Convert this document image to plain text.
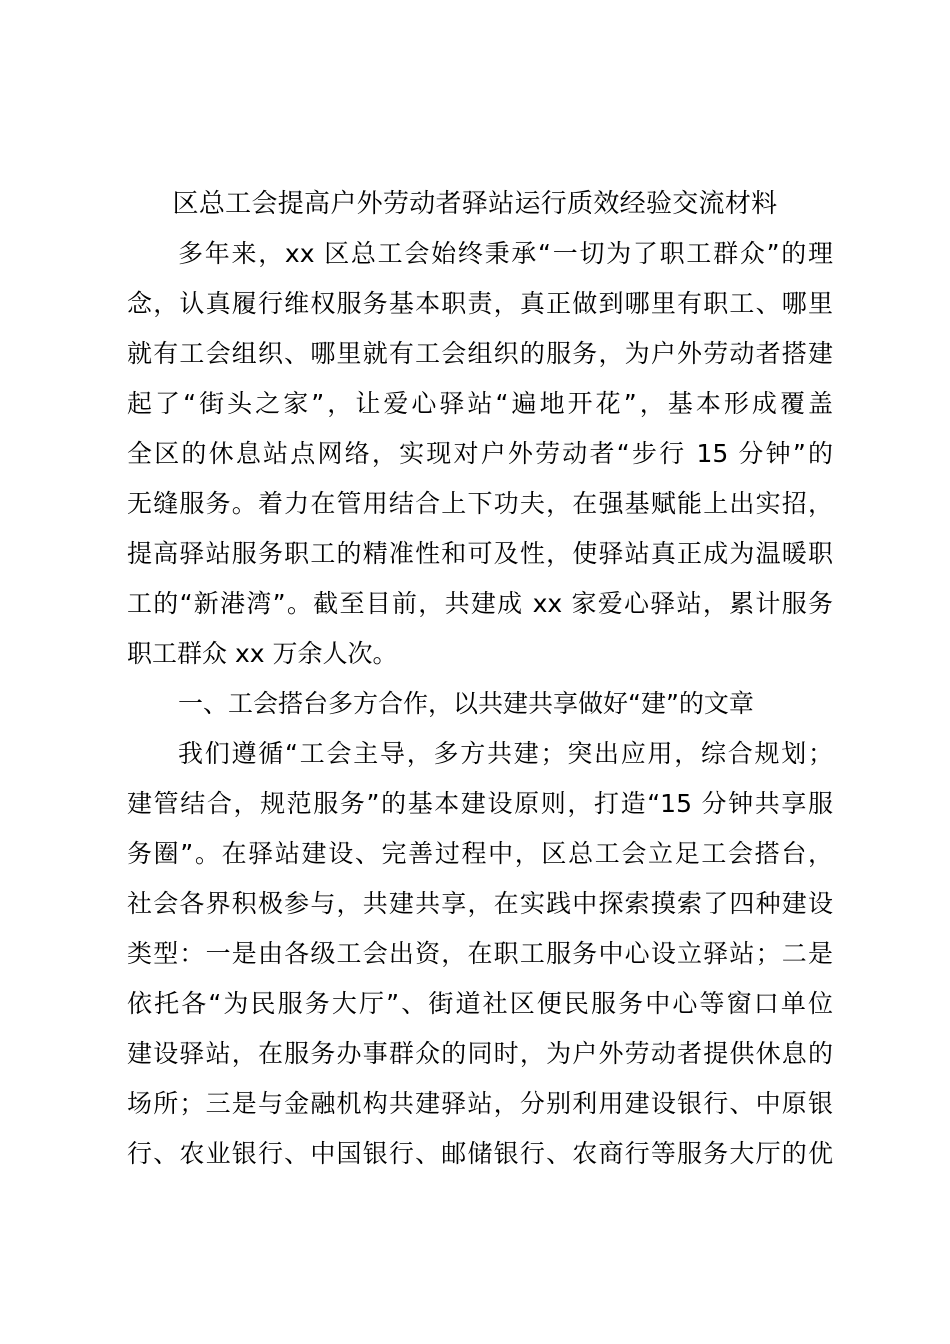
区总工会提高户外劳动者驿站运行质效经验交流材料
多年来，xx 区总工会始终秉承“一切为了职工群众”的理
念，认真履行维权服务基本职责，真正做到哪里有职工、哪里
就有工会组织、哪里就有工会组织的服务，为户外劳动者搭建
起了“街头之家”，让爱心驿站“遍地开花”，基本形成覆盖
全区的休息站点网络，实现对户外劳动者“步行 15 分钟”的
无缝服务。着力在管用结合上下功夫，在强基赋能上出实招，
提高驿站服务职工的精准性和可及性，使驿站真正成为温暖职
工的“新港湾”。截至目前，共建成 xx 家爱心驿站，累计服务
职工群众 xx 万余人次。
一、工会搭台多方合作，以共建共享做好“建”的文章
我们遵循“工会主导，多方共建；突出应用，综合规划；
建管结合，规范服务”的基本建设原则，打造“15 分钟共享服
务圈”。在驿站建设、完善过程中，区总工会立足工会搭台，
社会各界积极参与，共建共享，在实践中探索摸索了四种建设
类型：一是由各级工会出资，在职工服务中心设立驿站；二是
依托各“为民服务大厅”、街道社区便民服务中心等窗口单位
建设驿站，在服务办事群众的同时，为户外劳动者提供休息的
场所；三是与金融机构共建驿站，分别利用建设银行、中原银
行、农业银行、中国银行、邮储银行、农商行等服务大厅的优
